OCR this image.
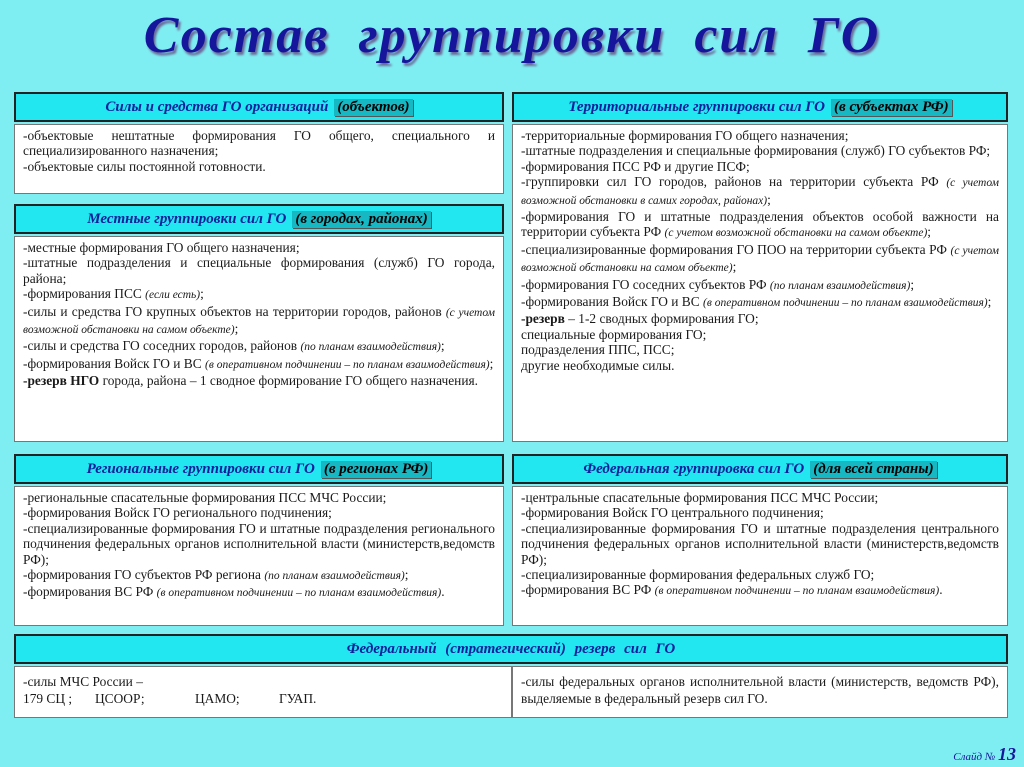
Состав группировки сил ГО
Силы и средства ГО организаций (объектов)
-объектовые нештатные формирования ГО общего, специального и специализированного назначения;
-объектовые силы постоянной готовности.
Местные группировки сил ГО (в городах, районах)
-местные формирования ГО общего назначения;
-штатные подразделения и специальные формирования (служб) ГО города, района;
-формирования ПСС (если есть);
-силы и средства ГО крупных объектов на территории городов, районов (с учетом возможной обстановки на самом объекте);
-силы и средства ГО соседних городов, районов (по планам взаимодействия);
-формирования Войск ГО и ВС (в оперативном подчинении – по планам взаимодействия);
-резерв НГО города, района – 1 сводное формирование ГО общего назначения.
Территориальные группировки сил ГО (в субъектах РФ)
-территориальные формирования ГО общего назначения;
-штатные подразделения и специальные формирования (служб) ГО субъектов РФ;
-формирования ПСС РФ и другие ПСФ;
-группировки сил ГО городов, районов на территории субъекта РФ (с учетом возможной обстановки в самих городах, районах);
-формирования ГО и штатные подразделения объектов особой важности на территории субъекта РФ (с учетом возможной обстановки на самом объекте);
-специализированные формирования ГО ПОО на территории субъекта РФ (с учетом возможной обстановки на самом объекте);
-формирования ГО соседних субъектов РФ (по планам взаимодействия);
-формирования Войск ГО и ВС (в оперативном подчинении – по планам взаимодействия);
-резерв – 1-2 сводных формирования ГО;
специальные формирования ГО;
подразделения ППС, ПСС;
другие необходимые силы.
Региональные группировки сил ГО (в регионах РФ)
-региональные спасательные формирования ПСС МЧС России;
-формирования Войск ГО регионального подчинения;
-специализированные формирования ГО и штатные подразделения регионального подчинения федеральных органов исполнительной власти (министерств,ведомств РФ);
-формирования ГО субъектов РФ региона (по планам взаимодействия);
-формирования ВС РФ (в оперативном подчинении – по планам взаимодействия).
Федеральная группировка сил ГО (для всей страны)
-центральные спасательные формирования ПСС МЧС России;
-формирования Войск ГО центрального подчинения;
-специализированные формирования ГО и штатные подразделения центрального подчинения федеральных органов исполнительной власти (министерств,ведомств РФ);
-специализированные формирования федеральных служб ГО;
-формирования ВС РФ (в оперативном подчинении – по планам взаимодействия).
Федеральный (стратегический) резерв сил ГО
-силы МЧС России –
179 СЦ ;	ЦСООР;	ЦАМО;	ГУАП.
-силы федеральных органов исполнительной власти (министерств, ведомств РФ), выделяемые в федеральный резерв сил ГО.
Слайд № 13
